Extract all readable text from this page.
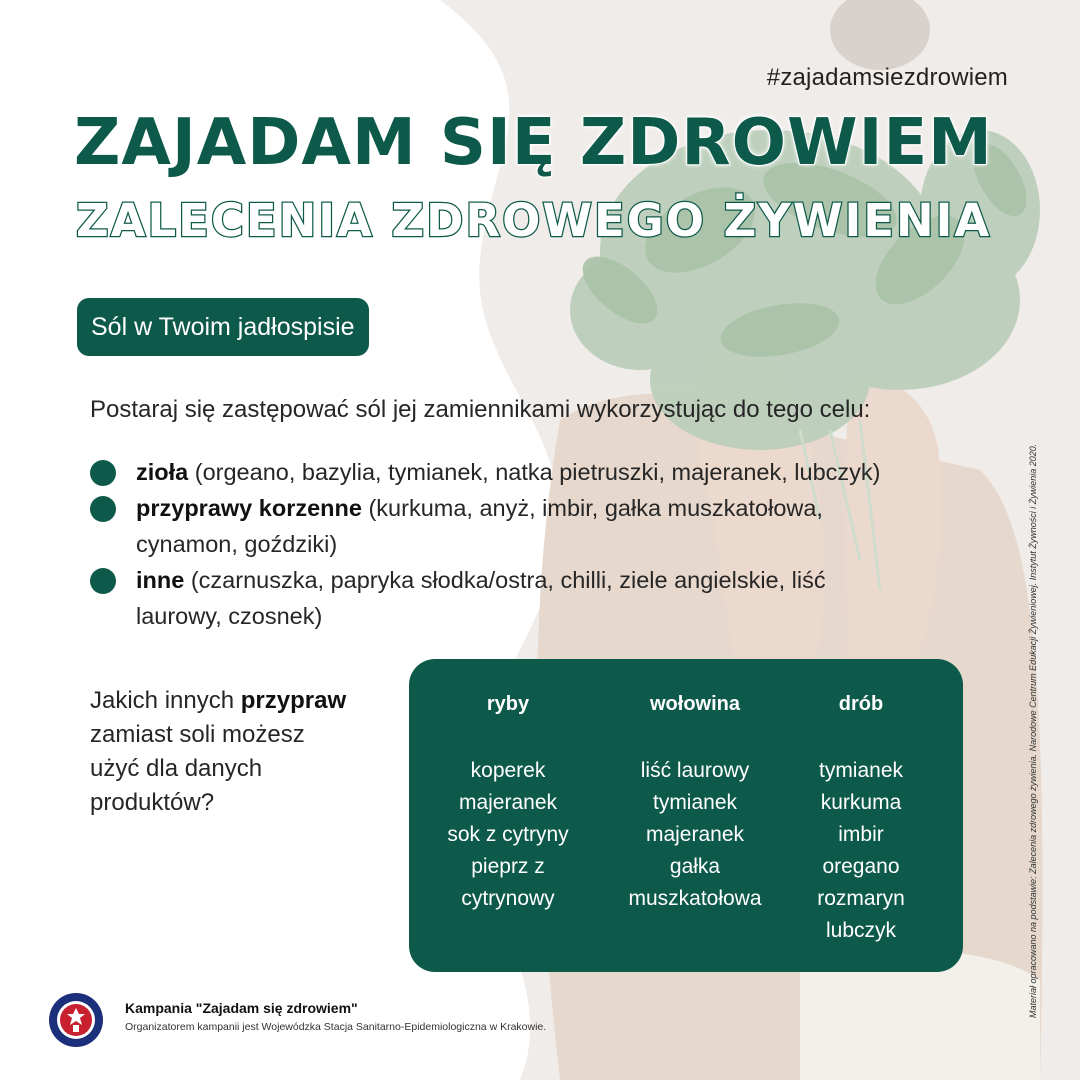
#zajadamsiezdrowiem
ZAJADAM SIĘ ZDROWIEM
ZALECENIA ZDROWEGO ŻYWIENIA
Sól w Twoim jadłospisie
Postaraj się zastępować sól jej zamiennikami wykorzystując do tego celu:
zioła (orgeano, bazylia, tymianek, natka pietruszki, majeranek, lubczyk)
przyprawy korzenne (kurkuma, anyż, imbir, gałka muszkatołowa, cynamon, goździki)
inne (czarnuszka, papryka słodka/ostra, chilli, ziele angielskie, liść laurowy, czosnek)
Jakich innych przypraw zamiast soli możesz użyć dla danych produktów?
ryby
koperek
majeranek
sok z cytryny
pieprz z
cytrynowy
wołowina
liść laurowy
tymianek
majeranek
gałka
muszkatołowa
drób
tymianek
kurkuma
imbir
oregano
rozmaryn
lubczyk
Kampania "Zajadam się zdrowiem"
Organizatorem kampanii jest Wojewódzka Stacja Sanitarno-Epidemiologiczna w Krakowie.
Materiał opracowano na podstawie: Zalecenia zdrowego żywienia. Narodowe Centrum Edukacji Żywieniowej. Instytut Żywności i Żywienia 2020.
